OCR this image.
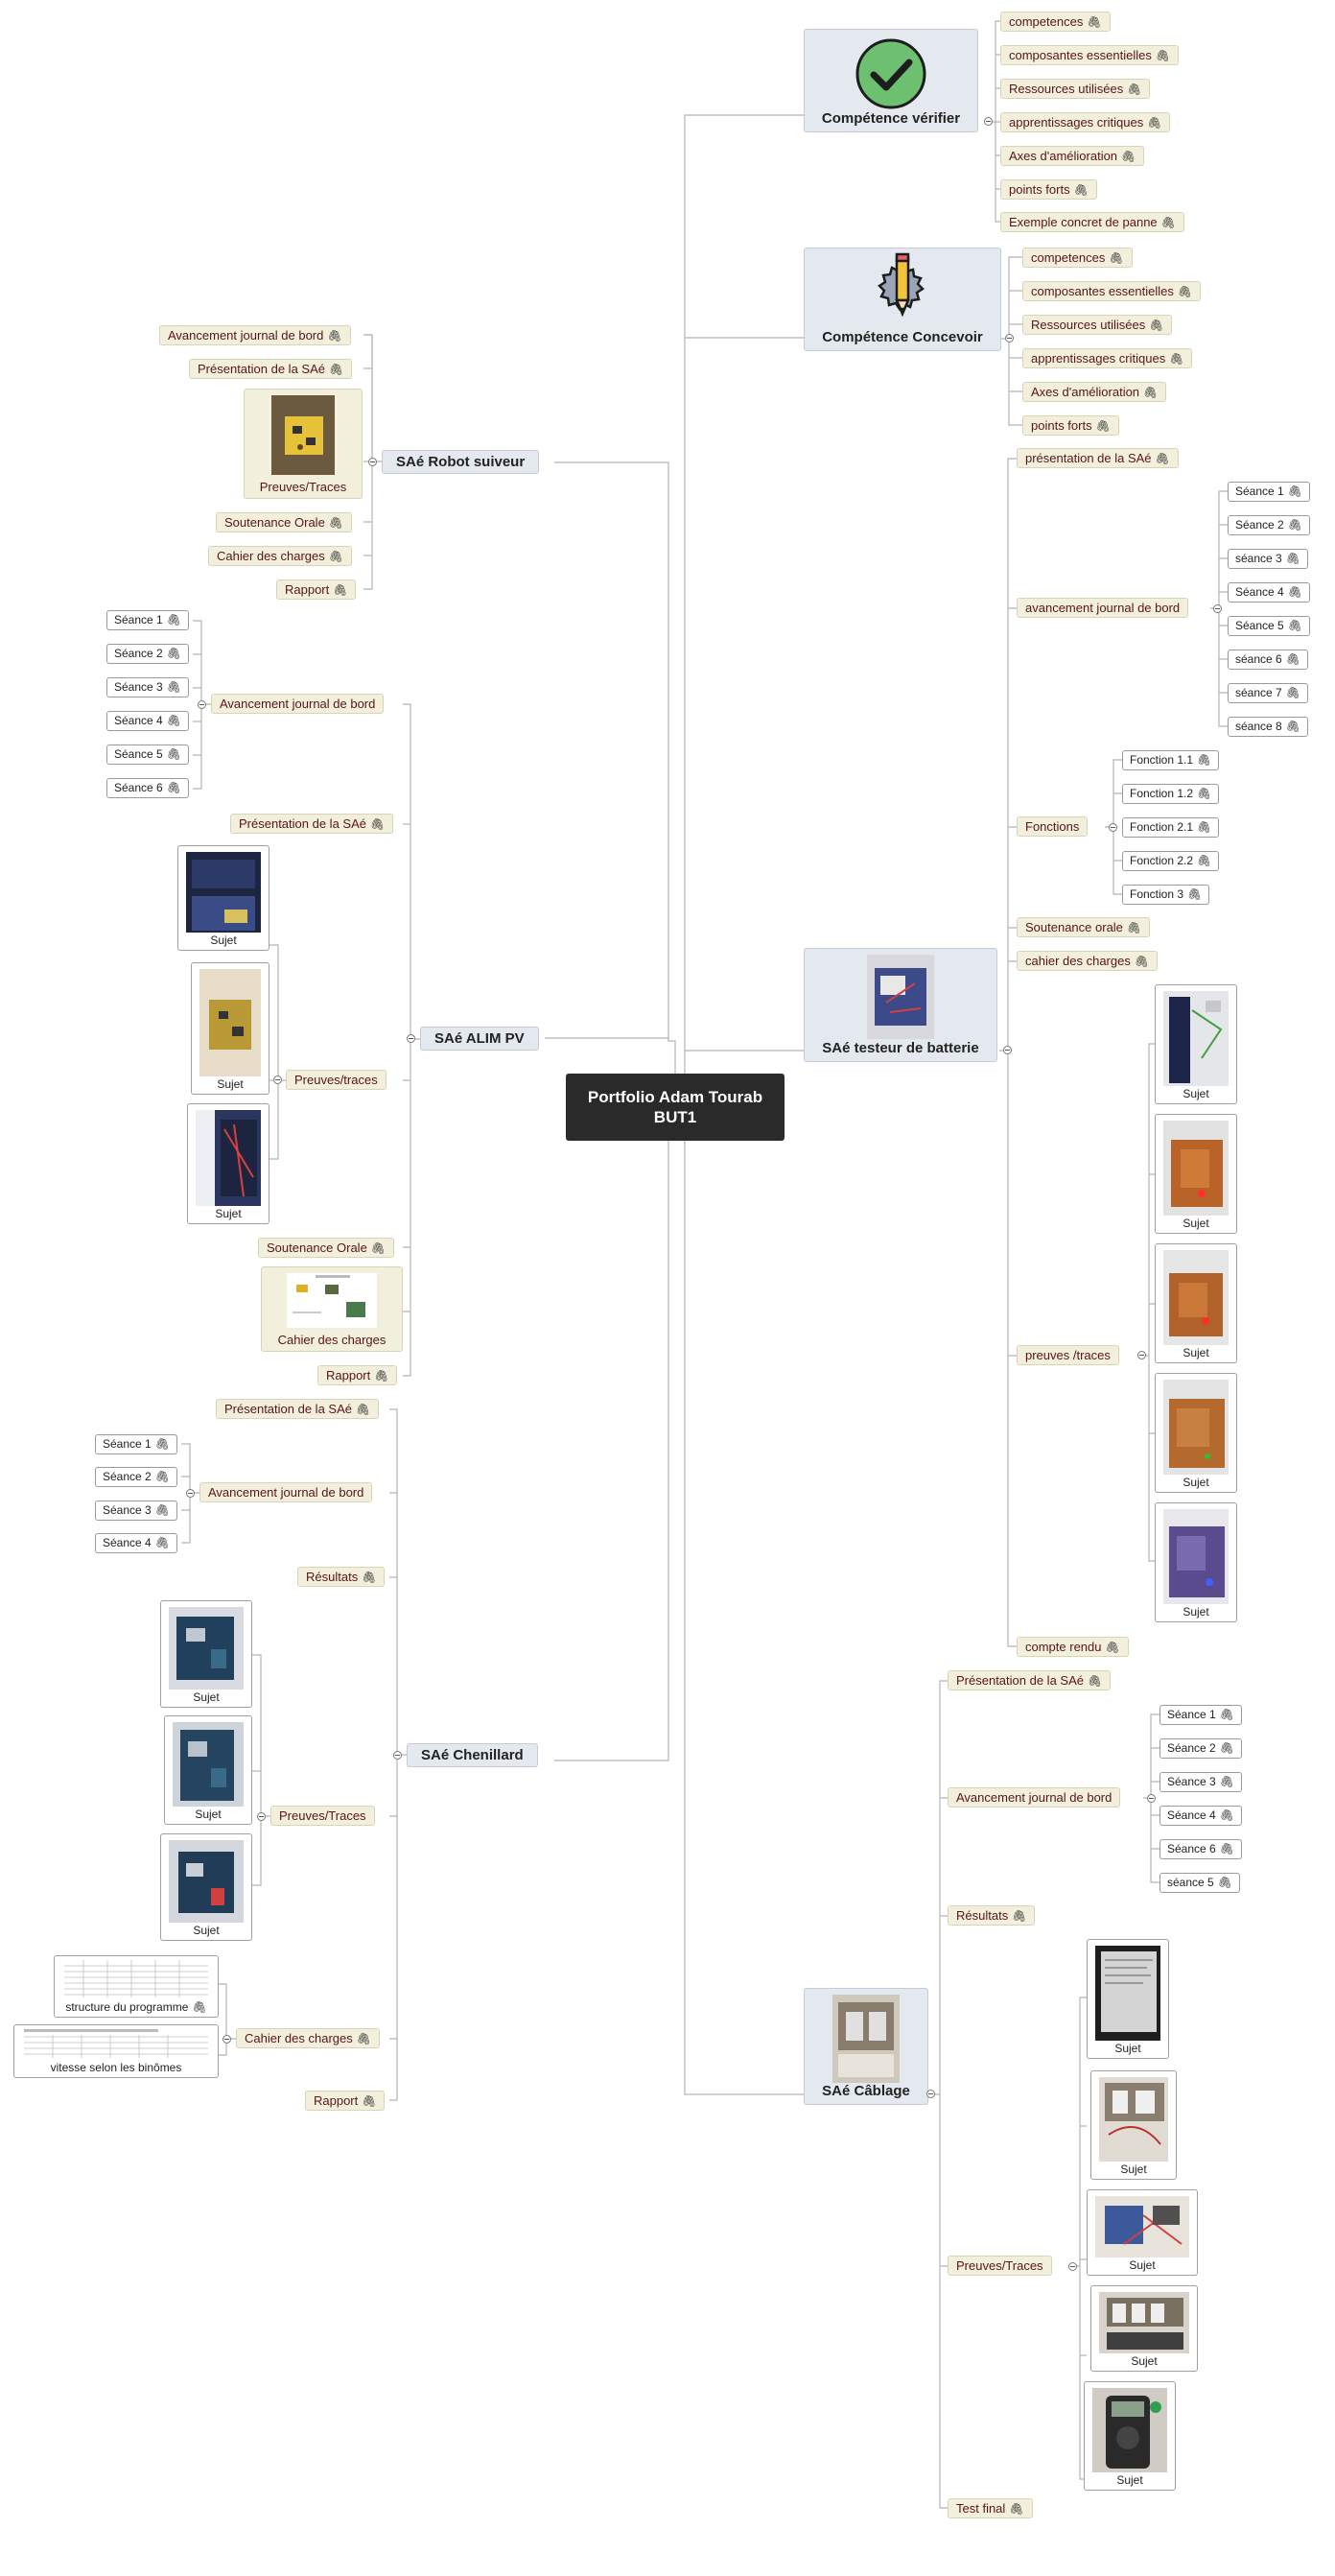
Portfolio Adam Tourab
BUT1
Compétence vérifier
competences 🖇
composantes essentielles 🖇
Ressources utilisées 🖇
apprentissages critiques 🖇
Axes d'amélioration 🖇
points forts 🖇
Exemple concret de panne 🖇
Compétence Concevoir
competences 🖇
composantes essentielles 🖇
Ressources utilisées 🖇
apprentissages critiques 🖇
Axes d'amélioration 🖇
points forts 🖇
SAé Robot suiveur
Avancement journal de bord 🖇
Présentation de la SAé 🖇
Preuves/Traces
Soutenance Orale 🖇
Cahier des charges 🖇
Rapport 🖇
SAé ALIM PV
Avancement journal de bord
Séance 1 🖇
Séance 2 🖇
Séance 3 🖇
Séance 4 🖇
Séance 5 🖇
Séance 6 🖇
Présentation de la SAé 🖇
Preuves/traces
Sujet
Sujet
Sujet
Soutenance Orale 🖇
Cahier des charges
Rapport 🖇
SAé Chenillard
Présentation de la SAé 🖇
Avancement journal de bord
Séance 1 🖇
Séance 2 🖇
Séance 3 🖇
Séance 4 🖇
Résultats 🖇
Preuves/Traces
Sujet
Sujet
Sujet
Cahier des charges 🖇
structure du programme 🖇
vitesse selon les binômes
Rapport 🖇
SAé testeur de batterie
présentation de la SAé 🖇
avancement journal de bord
Séance 1 🖇
Séance 2 🖇
séance 3 🖇
Séance 4 🖇
Séance 5 🖇
séance 6 🖇
séance 7 🖇
séance 8 🖇
Fonctions
Fonction 1.1 🖇
Fonction 1.2 🖇
Fonction 2.1 🖇
Fonction 2.2 🖇
Fonction 3 🖇
Soutenance orale 🖇
cahier des charges 🖇
preuves /traces
Sujet
Sujet
Sujet
Sujet
Sujet
compte rendu 🖇
SAé Câblage
Présentation de la SAé 🖇
Avancement journal de bord
Séance 1 🖇
Séance 2 🖇
Séance 3 🖇
Séance 4 🖇
Séance 6 🖇
séance 5 🖇
Résultats 🖇
Preuves/Traces
Sujet
Sujet
Sujet
Sujet
Sujet
Test final 🖇
